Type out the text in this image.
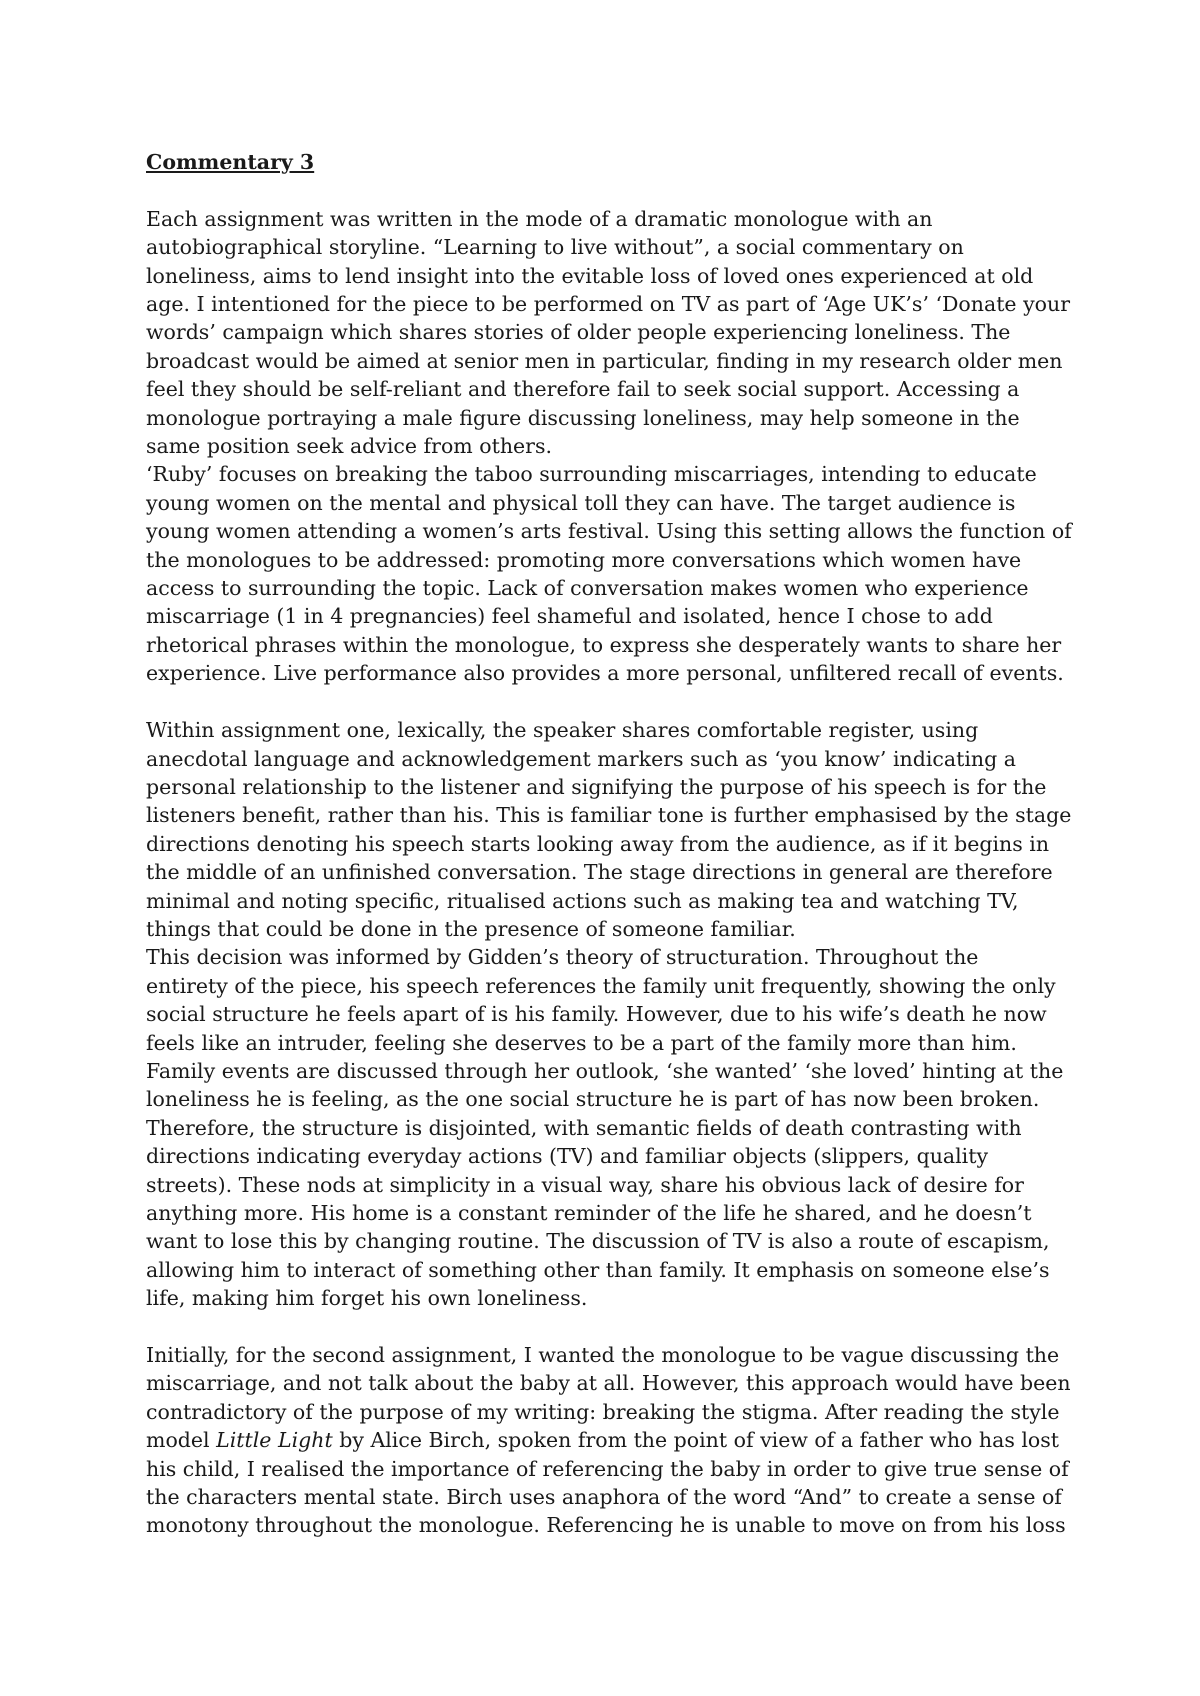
Commentary 3

Each assignment was written in the mode of a dramatic monologue with an
autobiographical storyline. “Learning to live without”, a social commentary on
loneliness, aims to lend insight into the evitable loss of loved ones experienced at old
age. I intentioned for the piece to be performed on TV as part of ‘Age UK’s’ ‘Donate your
words’ campaign which shares stories of older people experiencing loneliness. The
broadcast would be aimed at senior men in particular, finding in my research older men
feel they should be self-reliant and therefore fail to seek social support. Accessing a
monologue portraying a male figure discussing loneliness, may help someone in the
same position seek advice from others.

‘Ruby’ focuses on breaking the taboo surrounding miscarriages, intending to educate
young women on the mental and physical toll they can have. The target audience is
young women attending a women’s arts festival. Using this setting allows the function of
the monologues to be addressed: promoting more conversations which women have
access to surrounding the topic. Lack of conversation makes women who experience
miscarriage (1 in 4 pregnancies) feel shameful and isolated, hence I chose to add
rhetorical phrases within the monologue, to express she desperately wants to share her
experience. Live performance also provides a more personal, unfiltered recall of events.

Within assignment one, lexically, the speaker shares comfortable register, using
anecdotal language and acknowledgement markers such as ‘you know’ indicating a
personal relationship to the listener and signifying the purpose of his speech is for the
listeners benefit, rather than his. This is familiar tone is further emphasised by the stage
directions denoting his speech starts looking away from the audience, as if it begins in
the middle of an unfinished conversation. The stage directions in general are therefore
minimal and noting specific, ritualised actions such as making tea and watching TV,
things that could be done in the presence of someone familiar.

This decision was informed by Gidden’s theory of structuration. Throughout the
entirety of the piece, his speech references the family unit frequently, showing the only
social structure he feels apart of is his family. However, due to his wife’s death he now
feels like an intruder, feeling she deserves to be a part of the family more than him.
Family events are discussed through her outlook, ‘she wanted’ ‘she loved’ hinting at the
loneliness he is feeling, as the one social structure he is part of has now been broken.
Therefore, the structure is disjointed, with semantic fields of death contrasting with
directions indicating everyday actions (TV) and familiar objects (slippers, quality
streets). These nods at simplicity in a visual way, share his obvious lack of desire for
anything more. His home is a constant reminder of the life he shared, and he doesn’t
want to lose this by changing routine. The discussion of TV is also a route of escapism,
allowing him to interact of something other than family. It emphasis on someone else’s
life, making him forget his own loneliness.

Initially, for the second assignment, I wanted the monologue to be vague discussing the
miscarriage, and not talk about the baby at all. However, this approach would have been
contradictory of the purpose of my writing: breaking the stigma. After reading the style
model Little Light by Alice Birch, spoken from the point of view of a father who has lost
his child, I realised the importance of referencing the baby in order to give true sense of
the characters mental state. Birch uses anaphora of the word “And” to create a sense of
monotony throughout the monologue. Referencing he is unable to move on from his loss
